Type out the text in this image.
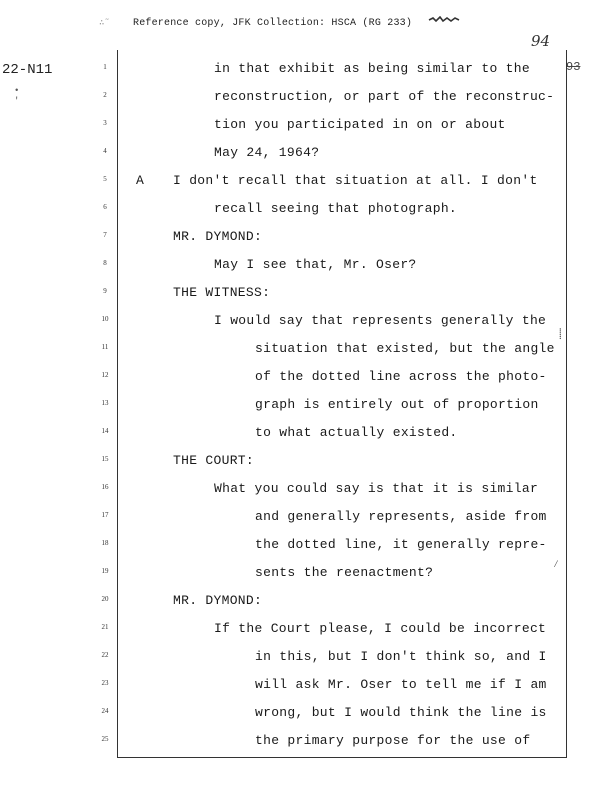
∴˜ Reference copy, JFK Collection: HSCA (RG 233)
22-N11
•
′
94
93
⸽
∕
1	in that exhibit as being similar to the
2	reconstruction, or part of the reconstruc-
3	tion you participated in on or about
4	May 24, 1964?
5	A I don't recall that situation at all. I don't
6	recall seeing that photograph.
7	MR. DYMOND:
8	May I see that, Mr. Oser?
9	THE WITNESS:
10	I would say that represents generally the
11	situation that existed, but the angle
12	of the dotted line across the photo-
13	graph is entirely out of proportion
14	to what actually existed.
15	THE COURT:
16	What you could say is that it is similar
17	and generally represents, aside from
18	the dotted line, it generally repre-
19	sents the reenactment?
20	MR. DYMOND:
21	If the Court please, I could be incorrect
22	in this, but I don't think so, and I
23	will ask Mr. Oser to tell me if I am
24	wrong, but I would think the line is
25	the primary purpose for the use of
